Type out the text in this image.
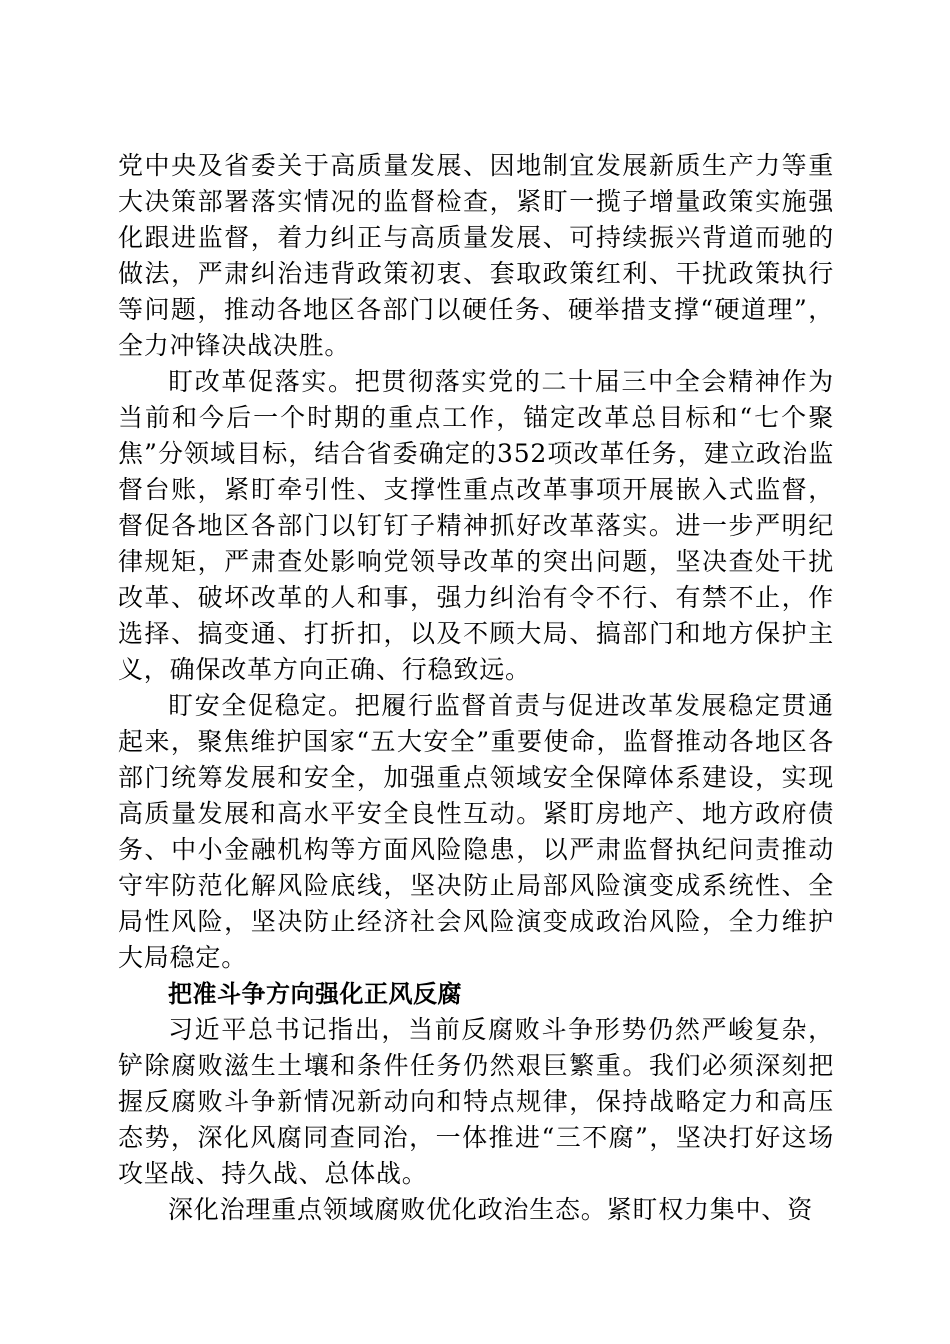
党中央及省委关于高质量发展、因地制宜发展新质生产力等重大决策部署落实情况的监督检查，紧盯一揽子增量政策实施强化跟进监督，着力纠正与高质量发展、可持续振兴背道而驰的做法，严肃纠治违背政策初衷、套取政策红利、干扰政策执行等问题，推动各地区各部门以硬任务、硬举措支撑“硬道理”，全力冲锋决战决胜。

盯改革促落实。把贯彻落实党的二十届三中全会精神作为当前和今后一个时期的重点工作，锚定改革总目标和“七个聚焦”分领域目标，结合省委确定的352项改革任务，建立政治监督台账，紧盯牵引性、支撑性重点改革事项开展嵌入式监督，督促各地区各部门以钉钉子精神抓好改革落实。进一步严明纪律规矩，严肃查处影响党领导改革的突出问题，坚决查处干扰改革、破坏改革的人和事，强力纠治有令不行、有禁不止，作选择、搞变通、打折扣，以及不顾大局、搞部门和地方保护主义，确保改革方向正确、行稳致远。

盯安全促稳定。把履行监督首责与促进改革发展稳定贯通起来，聚焦维护国家“五大安全”重要使命，监督推动各地区各部门统筹发展和安全，加强重点领域安全保障体系建设，实现高质量发展和高水平安全良性互动。紧盯房地产、地方政府债务、中小金融机构等方面风险隐患，以严肃监督执纪问责推动守牢防范化解风险底线，坚决防止局部风险演变成系统性、全局性风险，坚决防止经济社会风险演变成政治风险，全力维护大局稳定。

把准斗争方向强化正风反腐

习近平总书记指出，当前反腐败斗争形势仍然严峻复杂，铲除腐败滋生土壤和条件任务仍然艰巨繁重。我们必须深刻把握反腐败斗争新情况新动向和特点规律，保持战略定力和高压态势，深化风腐同查同治，一体推进“三不腐”，坚决打好这场攻坚战、持久战、总体战。

深化治理重点领域腐败优化政治生态。紧盯权力集中、资
